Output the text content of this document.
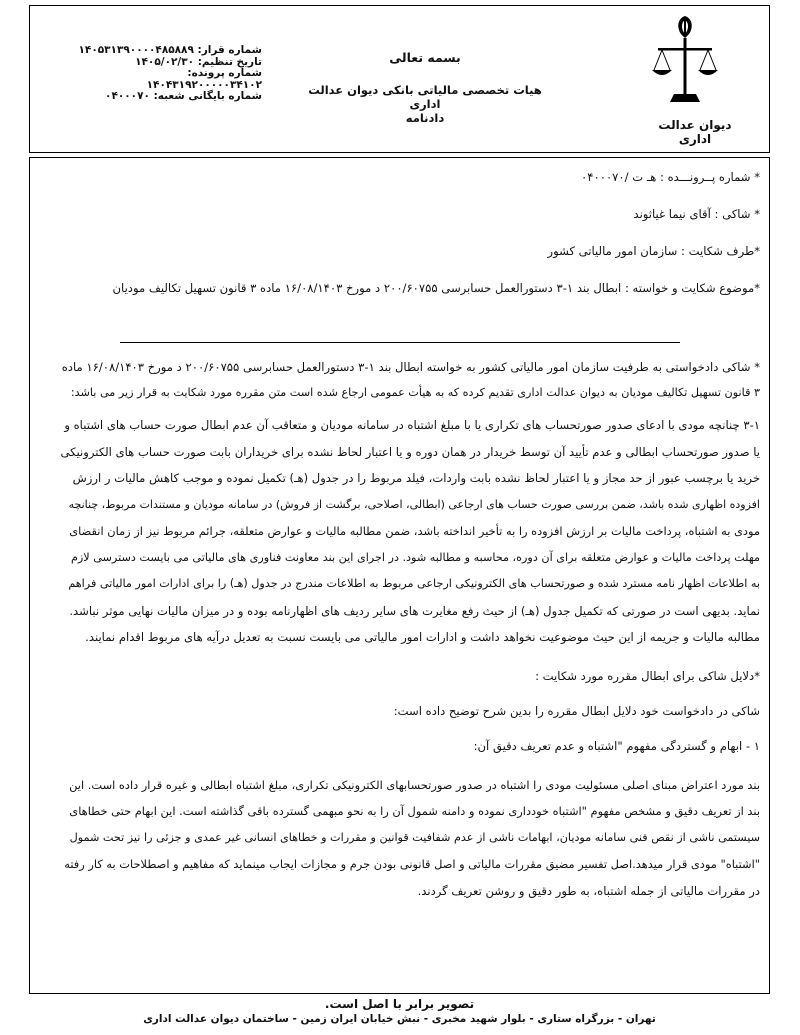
دیوان عدالت اداری
بسمه تعالی
هیات تخصصی مالیاتی بانکی دیوان عدالت اداری
دادنامه
شماره قرار: ۱۴۰۵۳۱۳۹۰۰۰۰۴۸۵۸۸۹
تاریخ تنظیم: ۱۴۰۵/۰۲/۳۰
شماره پرونده: ۱۴۰۴۳۱۹۲۰۰۰۰۰۳۴۱۰۲
شماره بایگانی شعبه: ۰۴۰۰۰۷۰
* شماره پــرونـــده : هـ ت /۰۴۰۰۰۷۰
* شاکی : آقای نیما غیاثوند
*طرف شکایت : سازمان امور مالیاتی کشور
*موضوع شکایت و خواسته : ابطال بند ۱-۳ دستورالعمل حسابرسی ۲۰۰/۶۰۷۵۵ د مورخ ۱۶/۰۸/۱۴۰۳ ماده ۳ قانون تسهیل تکالیف مودیان
* شاکی دادخواستی به طرفیت سازمان امور مالیاتی کشور به خواسته ابطال بند ۱-۳ دستورالعمل حسابرسی ۲۰۰/۶۰۷۵۵ د مورخ ۱۶/۰۸/۱۴۰۳ ماده
۳ قانون تسهیل تکالیف مودیان به دیوان عدالت اداری تقدیم کرده که به هیأت عمومی ارجاع شده است متن مقرره مورد شکایت به قرار زیر می باشد:
۳-۱ چنانچه مودی با ادعای صدور صورتحساب های تکراری یا با مبلغ اشتباه در سامانه مودیان و متعاقب آن عدم ابطال صورت حساب های اشتباه و
یا صدور صورتحساب ابطالی و عدم تأیید آن توسط خریدار در همان دوره و یا اعتبار لحاظ نشده برای خریداران بابت صورت حساب های الکترونیکی
خرید یا برچسب عبور از حد مجاز و یا اعتبار لحاظ نشده بابت واردات، فیلد مربوط را در جدول (هـ) تکمیل نموده و موجب کاهش مالیات ر ارزش
افزوده اظهاری شده باشد، ضمن بررسی صورت حساب های ارجاعی (ابطالی، اصلاحی، برگشت از فروش) در سامانه مودیان و مستندات مربوط، چنانچه
مودی به اشتباه، پرداخت مالیات بر ارزش افزوده را به تأخیر انداخته باشد، ضمن مطالبه مالیات و عوارض متعلقه، جرائم مربوط نیز از زمان انقضای
مهلت پرداخت مالیات و عوارض متعلقه برای آن دوره، محاسبه و مطالبه شود. در اجرای این بند معاونت فناوری های مالیاتی می بایست دسترسی لازم
به اطلاعات اظهار نامه مسترد شده و صورتحساب های الکترونیکی ارجاعی مربوط به اطلاعات مندرج در جدول (هـ) را برای ادارات امور مالیاتی فراهم
نماید. بدیهی است در صورتی که تکمیل جدول (هـ) از حیث رفع مغایرت های سایر ردیف های اظهارنامه بوده و در میزان مالیات نهایی موثر نباشد.
مطالبه مالیات و جریمه از این حیث موضوعیت نخواهد داشت و ادارات امور مالیاتی می بایست نسبت به تعدیل درآیه های مربوط اقدام نمایند.
*دلایل شاکی برای ابطال مقرره مورد شکایت :
شاکی در دادخواست خود دلایل ابطال مقرره را بدین شرح توضیح داده است:
۱ - ابهام و گستردگی مفهوم "اشتباه و عدم تعریف دقیق آن:
بند مورد اعتراض مبنای اصلی مسئولیت مودی را اشتباه در صدور صورتحسابهای الکترونیکی تکراری، مبلغ اشتباه ابطالی و غیره قرار داده است. این
بند از تعریف دقیق و مشخص مفهوم "اشتباه خودداری نموده و دامنه شمول آن را به نحو مبهمی گسترده باقی گذاشته است. این ابهام حتی خطاهای
سیستمی ناشی از نقص فنی سامانه مودیان، ابهامات ناشی از عدم شفافیت قوانین و مقررات و خطاهای انسانی غیر عمدی و جزئی را نیز تحت شمول
"اشتباه" مودی قرار میدهد.اصل تفسیر مضیق مقررات مالیاتی و اصل قانونی بودن جرم و مجازات ایجاب مینماید که مفاهیم و اصطلاحات به کار رفته
در مقررات مالیاتی از جمله اشتباه، به طور دقیق و روشن تعریف گردند.
تصویر برابر با اصل است.
تهران - بزرگراه ستاری - بلوار شهید مخبری - نبش خیابان ایران زمین - ساختمان دیوان عدالت اداری
